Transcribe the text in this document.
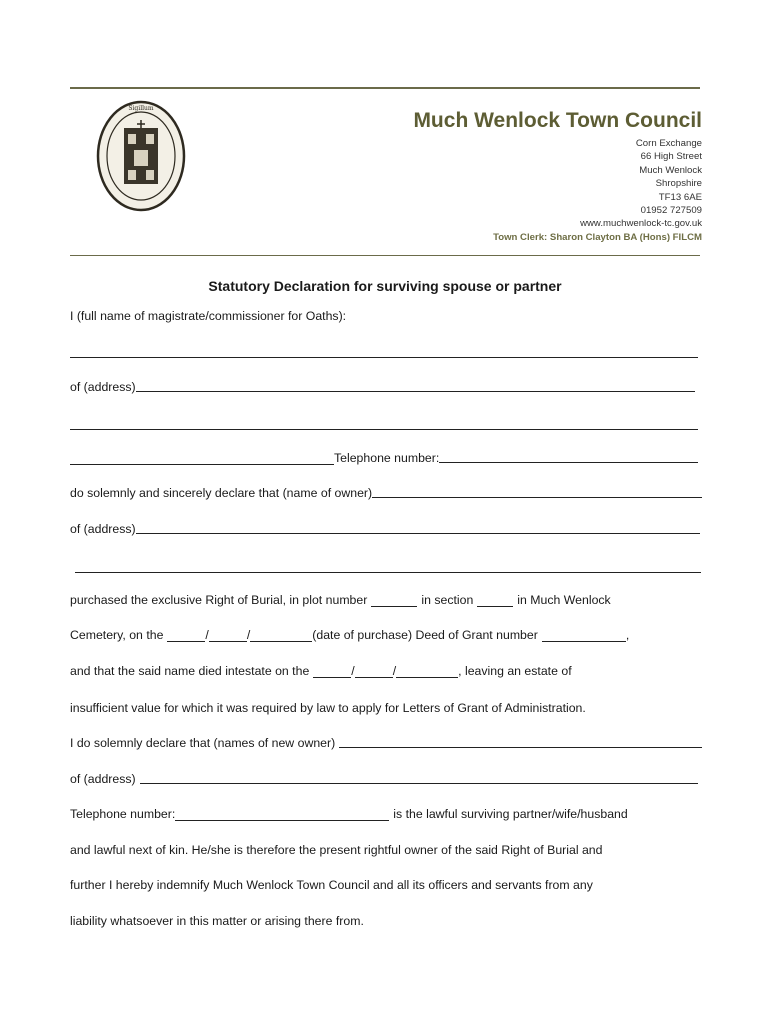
Sigillum
Much Wenlock Town Council
Corn Exchange
66 High Street
Much Wenlock
Shropshire
TF13 6AE
01952 727509
www.muchwenlock-tc.gov.uk
Town Clerk: Sharon Clayton BA (Hons) FILCM
Statutory Declaration for surviving spouse or partner
I (full name of magistrate/commissioner for Oaths):
of (address)
Telephone number:
do solemnly and sincerely declare that (name of owner)
of (address)
purchased the exclusive Right of Burial, in plot number	in section	in Much Wenlock
Cemetery, on the	/	/	(date of purchase) Deed of Grant number	,
and that the said name died intestate on the	/	/	, leaving an estate of
insufficient value for which it was required by law to apply for Letters of Grant of Administration.
I do solemnly declare that (names of new owner)
of (address)
Telephone number:	is the lawful surviving partner/wife/husband
and lawful next of kin. He/she is therefore the present rightful owner of the said Right of Burial and
further I hereby indemnify Much Wenlock Town Council and all its officers and servants from any
liability whatsoever in this matter or arising there from.
